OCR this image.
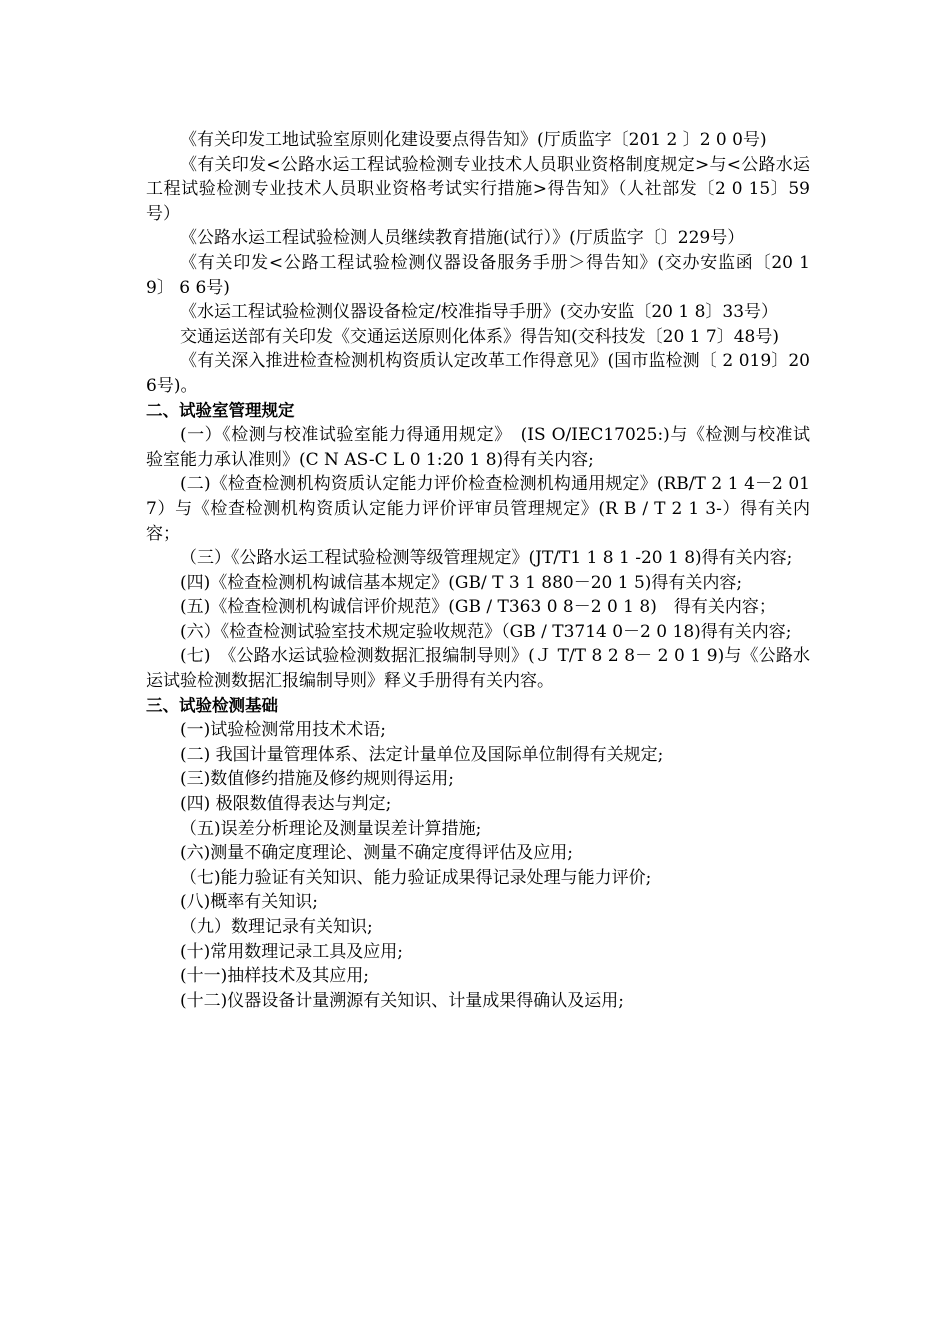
《有关印发工地试验室原则化建设要点得告知》(厅质监字〔201 2 〕2 0 0号)

《有关印发<公路水运工程试验检测专业技术人员职业资格制度规定>与<公路水运工程试验检测专业技术人员职业资格考试实行措施>得告知》（人社部发〔2 0 15〕59号）

《公路水运工程试验检测人员继续教育措施(试行）》(厅质监字〔〕229号）

《有关印发<公路工程试验检测仪器设备服务手册＞得告知》(交办安监函〔20 1 9〕 6 6号)

《水运工程试验检测仪器设备检定/校准指导手册》(交办安监〔20 1 8〕33号）

交通运送部有关印发《交通运送原则化体系》得告知(交科技发〔20 1 7〕48号)

《有关深入推进检查检测机构资质认定改革工作得意见》(国市监检测〔 2 019〕206号)。

二、试验室管理规定

(一）《检测与校准试验室能力得通用规定》　(IS O/IEC17025:)与《检测与校准试验室能力承认准则》(C N AS-C L 0 1:20 1 8)得有关内容;

(二)《检查检测机构资质认定能力评价检查检测机构通用规定》(RB/T 2 1 4－2 017）与《检查检测机构资质认定能力评价评审员管理规定》(R B / T 2 1 3-）得有关内容；

（三）《公路水运工程试验检测等级管理规定》(JT/T1 1 8 1 -20 1 8)得有关内容;

(四)《检查检测机构诚信基本规定》(GB/ T 3 1 880－20 1 5)得有关内容;

(五)《检查检测机构诚信评价规范》(GB / T363 0 8－2 0 1 8)　得有关内容；

(六）《检查检测试验室技术规定验收规范》（GB / T3714 0－2 0 18)得有关内容;

(七)　《公路水运试验检测数据汇报编制导则》(Ｊ T/T 8 2 8－ 2 0 1 9)与《公路水运试验检测数据汇报编制导则》释义手册得有关内容。

三、试验检测基础

(一)试验检测常用技术术语;

(二) 我国计量管理体系、法定计量单位及国际单位制得有关规定;

(三)数值修约措施及修约规则得运用;

(四) 极限数值得表达与判定;

（五)误差分析理论及测量误差计算措施;

(六)测量不确定度理论、测量不确定度得评估及应用;

（七)能力验证有关知识、能力验证成果得记录处理与能力评价;

(八)概率有关知识;

（九）数理记录有关知识;

(十)常用数理记录工具及应用;

(十一)抽样技术及其应用;

(十二)仪器设备计量溯源有关知识、计量成果得确认及运用;
